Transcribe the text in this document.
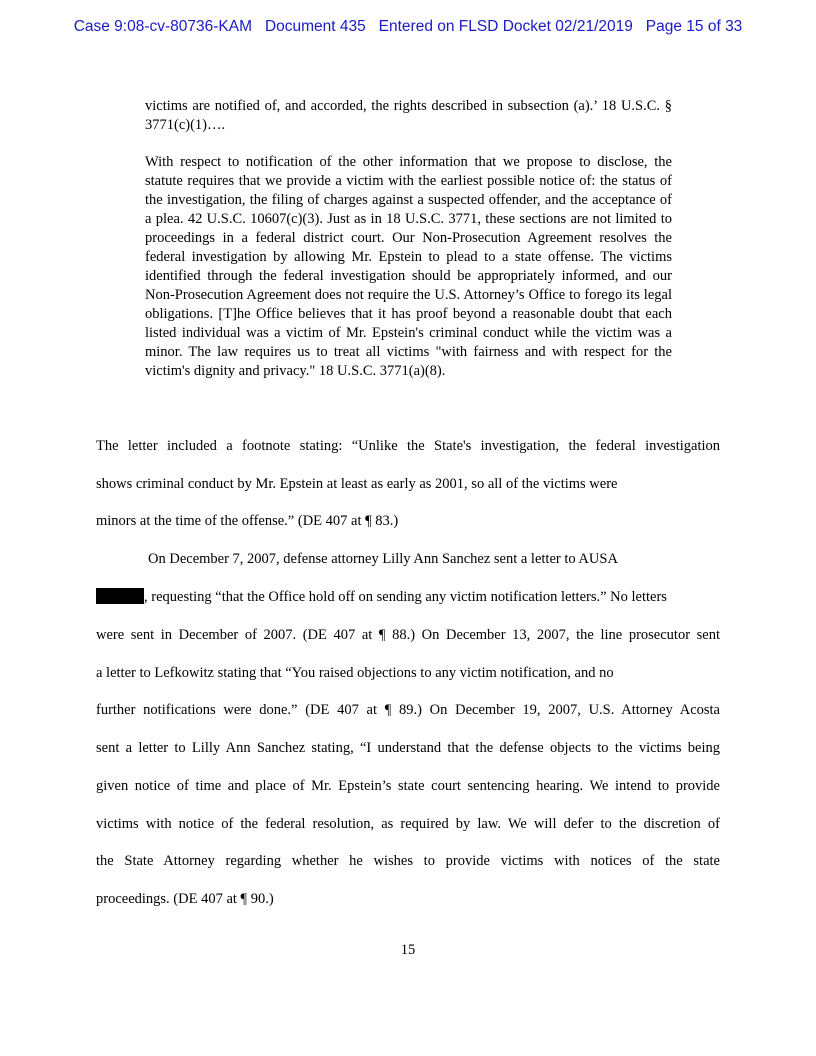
Case 9:08-cv-80736-KAM   Document 435   Entered on FLSD Docket 02/21/2019   Page 15 of 33

victims are notified of, and accorded, the rights described in subsection (a).’ 18 U.S.C. § 3771(c)(1)….

With respect to notification of the other information that we propose to disclose, the statute requires that we provide a victim with the earliest possible notice of: the status of the investigation, the filing of charges against a suspected offender, and the acceptance of a plea. 42 U.S.C. 10607(c)(3). Just as in 18 U.S.C. 3771, these sections are not limited to proceedings in a federal district court. Our Non-Prosecution Agreement resolves the federal investigation by allowing Mr. Epstein to plead to a state offense. The victims identified through the federal investigation should be appropriately informed, and our Non-Prosecution Agreement does not require the U.S. Attorney’s Office to forego its legal obligations. [T]he Office believes that it has proof beyond a reasonable doubt that each listed individual was a victim of Mr. Epstein's criminal conduct while the victim was a minor. The law requires us to treat all victims "with fairness and with respect for the victim's dignity and privacy." 18 U.S.C. 3771(a)(8).

The letter included a footnote stating: “Unlike the State's investigation, the federal investigation

shows criminal conduct by Mr. Epstein at least as early as 2001, so all of the victims were

minors at the time of the offense.” (DE 407 at ¶ 83.)

On December 7, 2007, defense attorney Lilly Ann Sanchez sent a letter to AUSA

, requesting “that the Office hold off on sending any victim notification letters.” No letters

were sent in December of 2007. (DE 407 at ¶ 88.) On December 13, 2007, the line prosecutor sent

a letter to Lefkowitz stating that “You raised objections to any victim notification, and no

further notifications were done.” (DE 407 at ¶ 89.) On December 19, 2007, U.S. Attorney Acosta

sent a letter to Lilly Ann Sanchez stating, “I understand that the defense objects to the victims being

given notice of time and place of Mr. Epstein’s state court sentencing hearing. We intend to provide

victims with notice of the federal resolution, as required by law. We will defer to the discretion of

the State Attorney regarding whether he wishes to provide victims with notices of the state

proceedings. (DE 407 at ¶ 90.)

15
